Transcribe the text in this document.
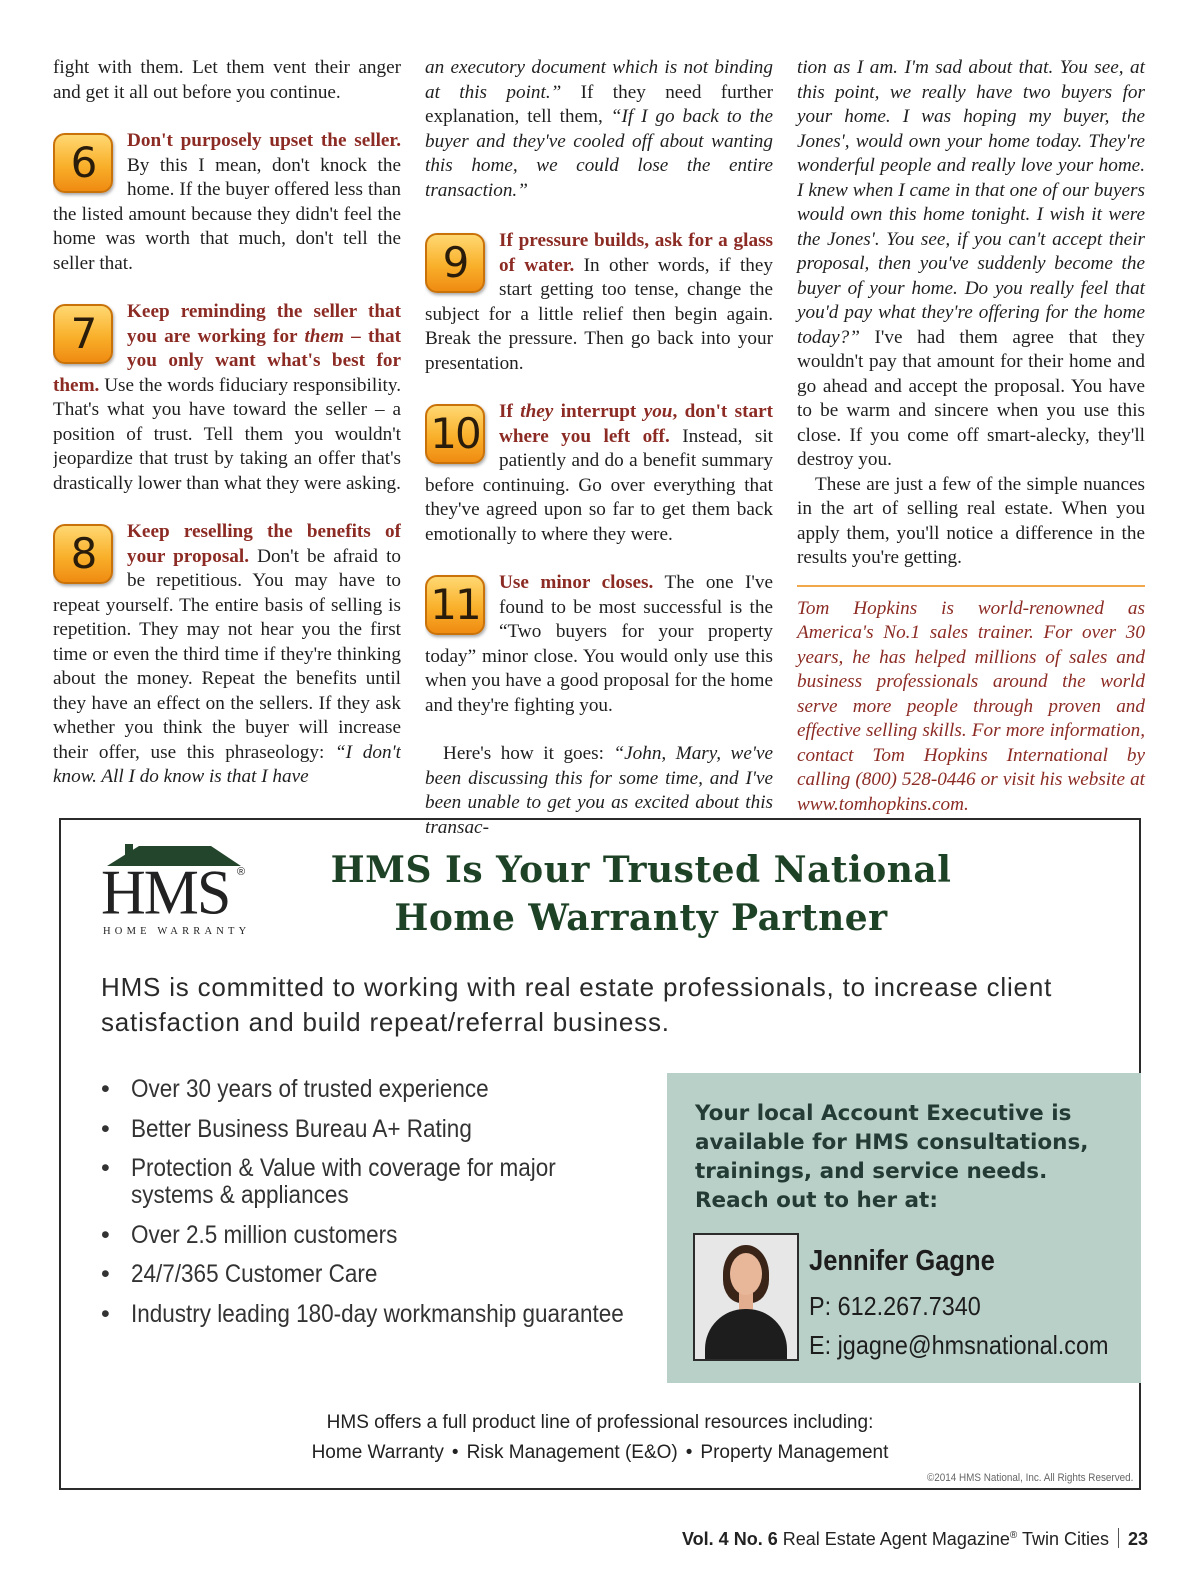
fight with them. Let them vent their anger and get it all out before you continue.

6	Don't purposely upset the seller. By this I mean, don't knock the home. If the buyer offered less than the listed amount because they didn't feel the home was worth that much, don't tell the seller that.

7	Keep reminding the seller that you are working for them – that you only want what's best for them. Use the words fiduciary responsibility. That's what you have toward the seller – a position of trust. Tell them you wouldn't jeopardize that trust by taking an offer that's drastically lower than what they were asking.

8	Keep reselling the benefits of your proposal. Don't be afraid to be repetitious. You may have to repeat yourself. The entire basis of selling is repetition. They may not hear you the first time or even the third time if they're thinking about the money. Repeat the benefits until they have an effect on the sellers. If they ask whether you think the buyer will increase their offer, use this phraseology: “I don't know. All I do know is that I have

an executory document which is not binding at this point.” If they need further explanation, tell them, “If I go back to the buyer and they've cooled off about wanting this home, we could lose the entire transaction.”

9	If pressure builds, ask for a glass of water. In other words, if they start getting too tense, change the subject for a little relief then begin again. Break the pressure. Then go back into your presentation.

10	If they interrupt you, don't start where you left off. Instead, sit patiently and do a benefit summary before continuing. Go over everything that they've agreed upon so far to get them back emotionally to where they were.

11	Use minor closes. The one I've found to be most successful is the “Two buyers for your property today” minor close. You would only use this when you have a good proposal for the home and they're fighting you.

Here's how it goes: “John, Mary, we've been discussing this for some time, and I've been unable to get you as excited about this transac-

tion as I am. I'm sad about that. You see, at this point, we really have two buyers for your home. I was hoping my buyer, the Jones', would own your home today. They're wonderful people and really love your home. I knew when I came in that one of our buyers would own this home tonight. I wish it were the Jones'. You see, if you can't accept their proposal, then you've suddenly become the buyer of your home. Do you really feel that you'd pay what they're offering for the home today?” I've had them agree that they wouldn't pay that amount for their home and go ahead and accept the proposal. You have to be warm and sincere when you use this close. If you come off smart-alecky, they'll destroy you.

These are just a few of the simple nuances in the art of selling real estate. When you apply them, you'll notice a difference in the results you're getting.

Tom Hopkins is world-renowned as America's No.1 sales trainer. For over 30 years, he has helped millions of sales and business professionals around the world serve more people through proven and effective selling skills. For more information, contact Tom Hopkins International by calling (800) 528-0446 or visit his website at www.tomhopkins.com.

HMS ®
HOME WARRANTY
HMS Is Your Trusted National
Home Warranty Partner
HMS is committed to working with real estate professionals, to increase client satisfaction and build repeat/referral business.
• Over 30 years of trusted experience
• Better Business Bureau A+ Rating
• Protection & Value with coverage for major systems & appliances
• Over 2.5 million customers
• 24/7/365 Customer Care
• Industry leading 180-day workmanship guarantee
Your local Account Executive is available for HMS consultations, trainings, and service needs. Reach out to her at:
Jennifer Gagne
P: 612.267.7340
E: jgagne@hmsnational.com
HMS offers a full product line of professional resources including:
Home Warranty • Risk Management (E&O) • Property Management
©2014 HMS National, Inc. All Rights Reserved.
Vol. 4 No. 6 Real Estate Agent Magazine® Twin Cities 23
